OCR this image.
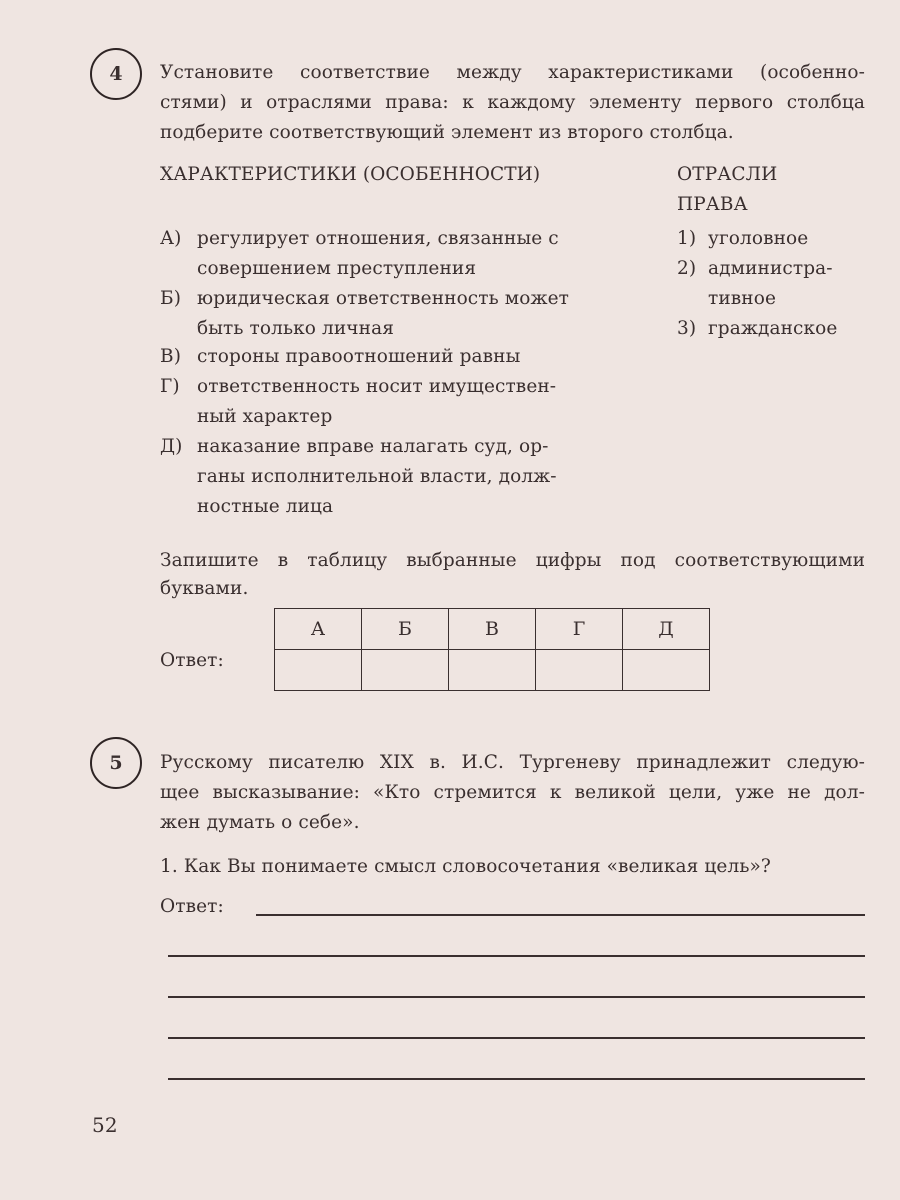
4	Установите соответствие между характеристиками (особенно-
стями) и отраслями права: к каждому элементу первого столбца
подберите соответствующий элемент из второго столбца.
ХАРАКТЕРИСТИКИ (ОСОБЕННОСТИ)	ОТРАСЛИ
ПРАВА
А) регулирует отношения, связанные с
совершением преступления
Б) юридическая ответственность может
быть только личная
В) стороны правоотношений равны
Г) ответственность носит имуществен-
ный характер
Д) наказание вправе налагать суд, ор-
ганы исполнительной власти, долж-
ностные лица
1) уголовное
2) администра-
тивное
3) гражданское
Запишите в таблицу выбранные цифры под соответствующими
буквами.
Ответ:
А	Б	В	Г	Д

5	Русскому писателю XIX в. И.С. Тургеневу принадлежит следую-
щее высказывание: «Кто стремится к великой цели, уже не дол-
жен думать о себе».
1. Как Вы понимаете смысл словосочетания «великая цель»?
Ответ:
52
